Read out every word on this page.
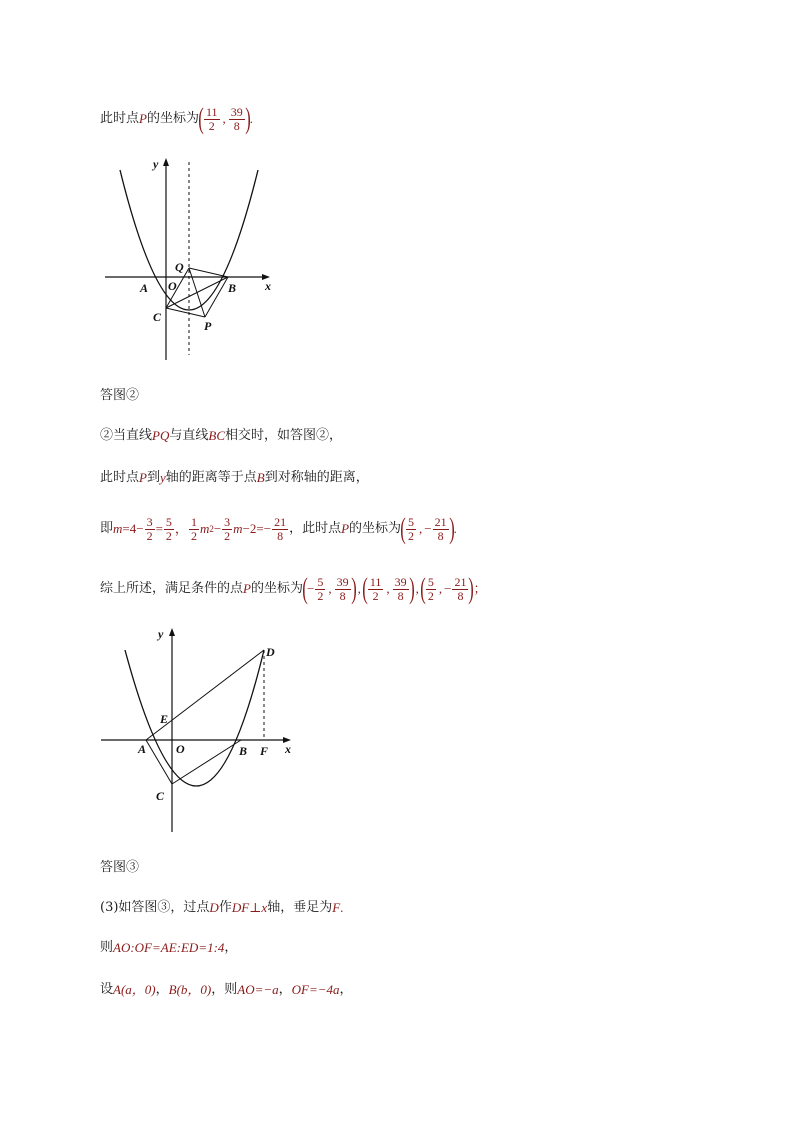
此时点 P 的坐标为 ( $\frac{11}{2}$ , $\frac{39}{8}$ ) .
y
x
Q
A O	B
C
P
答图②
②当直线 PQ 与直线 BC 相交时，如答图②，
此时点 P 到 y 轴的距离等于点 B 到对称轴的距离，
即 $m =4- \frac{3}{2} = \frac{5}{2}$ ， $\frac{1}{2}$ m $2 - \frac{3}{2}$ $m -2=- \frac{21}{8}$ ，此时点 P 的坐标为 ( $\frac{5}{2}$ , − $\frac{21}{8}$ ) .
综上所述，满足条件的点 P 的坐标为 ( − $\frac{5}{2}$ , $\frac{39}{8}$ ) , ( $\frac{11}{2}$ , $\frac{39}{8}$ ) , ( $\frac{5}{2}$ , − $\frac{21}{8}$ ) ；
y
D
E
A O	B F x
C
答图③
(3)如答图③，过点 D 作 DF ⊥ x 轴，垂足为 F .
则 AO:OF=AE:ED=1:4 ，
设 A(a，0) ， B(b，0) ，则 AO=−a ， OF=−4a ，
